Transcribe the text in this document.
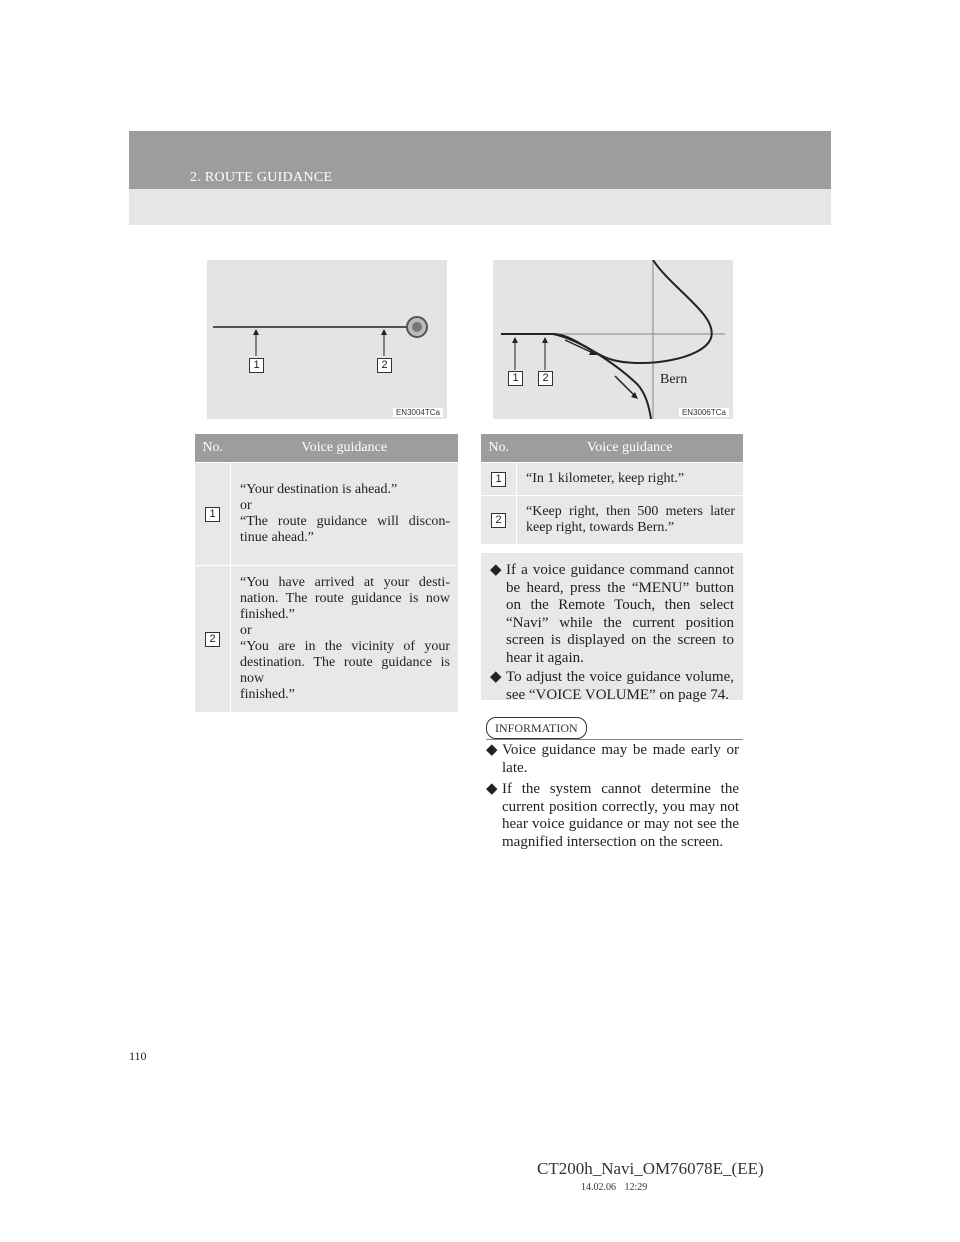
2. ROUTE GUIDANCE
1	2
EN3004TCa
1	2	Bern
EN3006TCa
No.	Voice guidance
1	“Your destination is ahead.”
or
“The route guidance will discon-tinue ahead.”

2	“You have arrived at your desti-nation. The route guidance is now finished.”
or
“You are in the vicinity of your destination. The route guidance is now
finished.”
No.	Voice guidance
1	“In 1 kilometer, keep right.”
2	“Keep right, then 500 meters later keep right, towards Bern.”
◆ If a voice guidance command cannot be heard, press the “MENU” button on the Remote Touch, then select “Navi” while the current position screen is displayed on the screen to hear it again.
◆ To adjust the voice guidance volume, see “VOICE VOLUME” on page 74.
INFORMATION
◆ Voice guidance may be made early or late.
◆ If the system cannot determine the current position correctly, you may not hear voice guidance or may not see the magnified intersection on the screen.
110
CT200h_Navi_OM76078E_(EE)
14.02.06 12:29
